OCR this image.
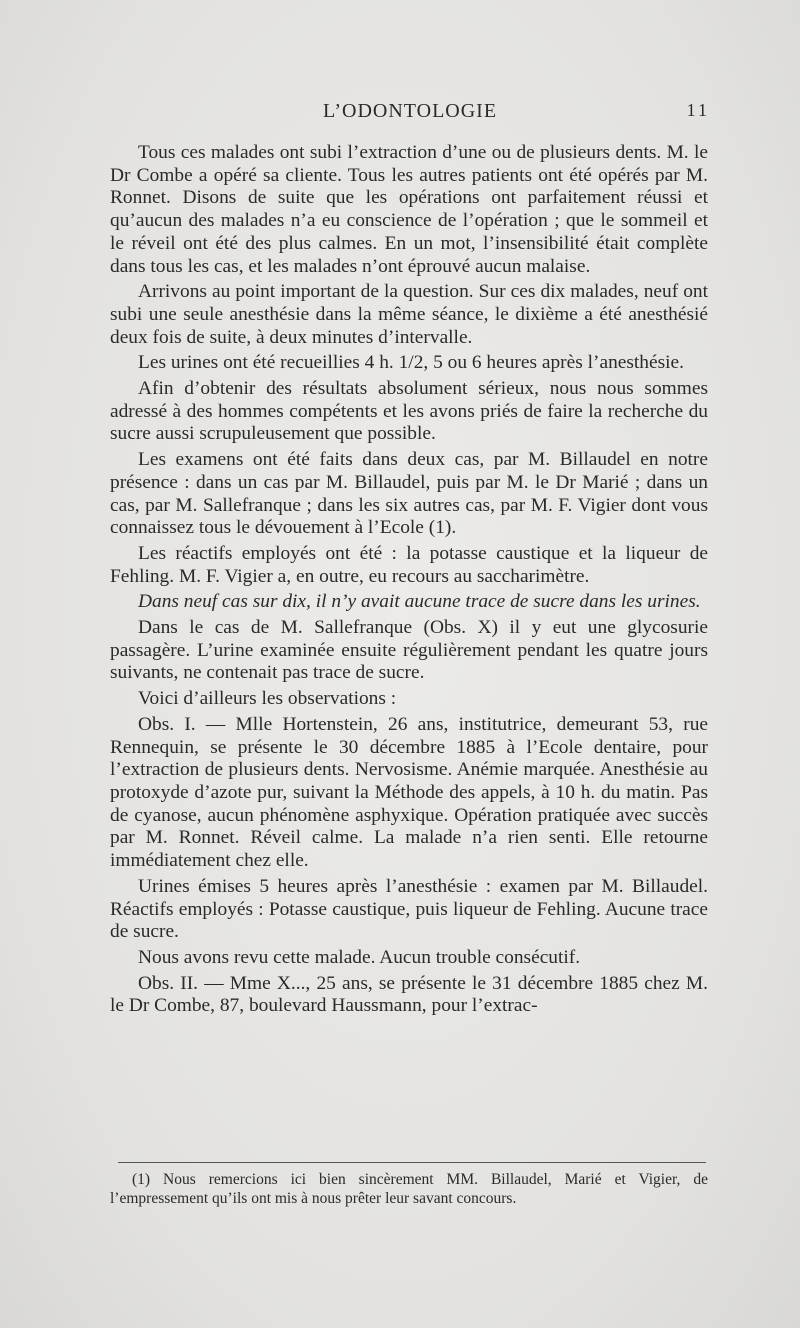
L’ODONTOLOGIE	11

Tous ces malades ont subi l’extraction d’une ou de plusieurs dents. M. le Dr Combe a opéré sa cliente. Tous les autres patients ont été opérés par M. Ronnet. Disons de suite que les opérations ont parfaitement réussi et qu’aucun des malades n’a eu conscience de l’opération ; que le sommeil et le réveil ont été des plus calmes. En un mot, l’insensibilité était complète dans tous les cas, et les malades n’ont éprouvé aucun malaise.

Arrivons au point important de la question. Sur ces dix malades, neuf ont subi une seule anesthésie dans la même séance, le dixième a été anesthésié deux fois de suite, à deux minutes d’intervalle.

Les urines ont été recueillies 4 h. 1/2, 5 ou 6 heures après l’anesthésie.

Afin d’obtenir des résultats absolument sérieux, nous nous sommes adressé à des hommes compétents et les avons priés de faire la recherche du sucre aussi scrupuleusement que possible.

Les examens ont été faits dans deux cas, par M. Billaudel en notre présence : dans un cas par M. Billaudel, puis par M. le Dr Marié ; dans un cas, par M. Sallefranque ; dans les six autres cas, par M. F. Vigier dont vous connaissez tous le dévouement à l’Ecole (1).

Les réactifs employés ont été : la potasse caustique et la liqueur de Fehling. M. F. Vigier a, en outre, eu recours au saccharimètre.

Dans neuf cas sur dix, il n’y avait aucune trace de sucre dans les urines.

Dans le cas de M. Sallefranque (Obs. X) il y eut une glycosurie passagère. L’urine examinée ensuite régulièrement pendant les quatre jours suivants, ne contenait pas trace de sucre.

Voici d’ailleurs les observations :

Obs. I. — Mlle Hortenstein, 26 ans, institutrice, demeurant 53, rue Rennequin, se présente le 30 décembre 1885 à l’Ecole dentaire, pour l’extraction de plusieurs dents. Nervosisme. Anémie marquée. Anesthésie au protoxyde d’azote pur, suivant la Méthode des appels, à 10 h. du matin. Pas de cyanose, aucun phénomène asphyxique. Opération pratiquée avec succès par M. Ronnet. Réveil calme. La malade n’a rien senti. Elle retourne immédiatement chez elle.

Urines émises 5 heures après l’anesthésie : examen par M. Billaudel. Réactifs employés : Potasse caustique, puis liqueur de Fehling. Aucune trace de sucre.

Nous avons revu cette malade. Aucun trouble consécutif.

Obs. II. — Mme X..., 25 ans, se présente le 31 décembre 1885 chez M. le Dr Combe, 87, boulevard Haussmann, pour l’extrac-

(1) Nous remercions ici bien sincèrement MM. Billaudel, Marié et Vigier, de l’empressement qu’ils ont mis à nous prêter leur savant concours.
